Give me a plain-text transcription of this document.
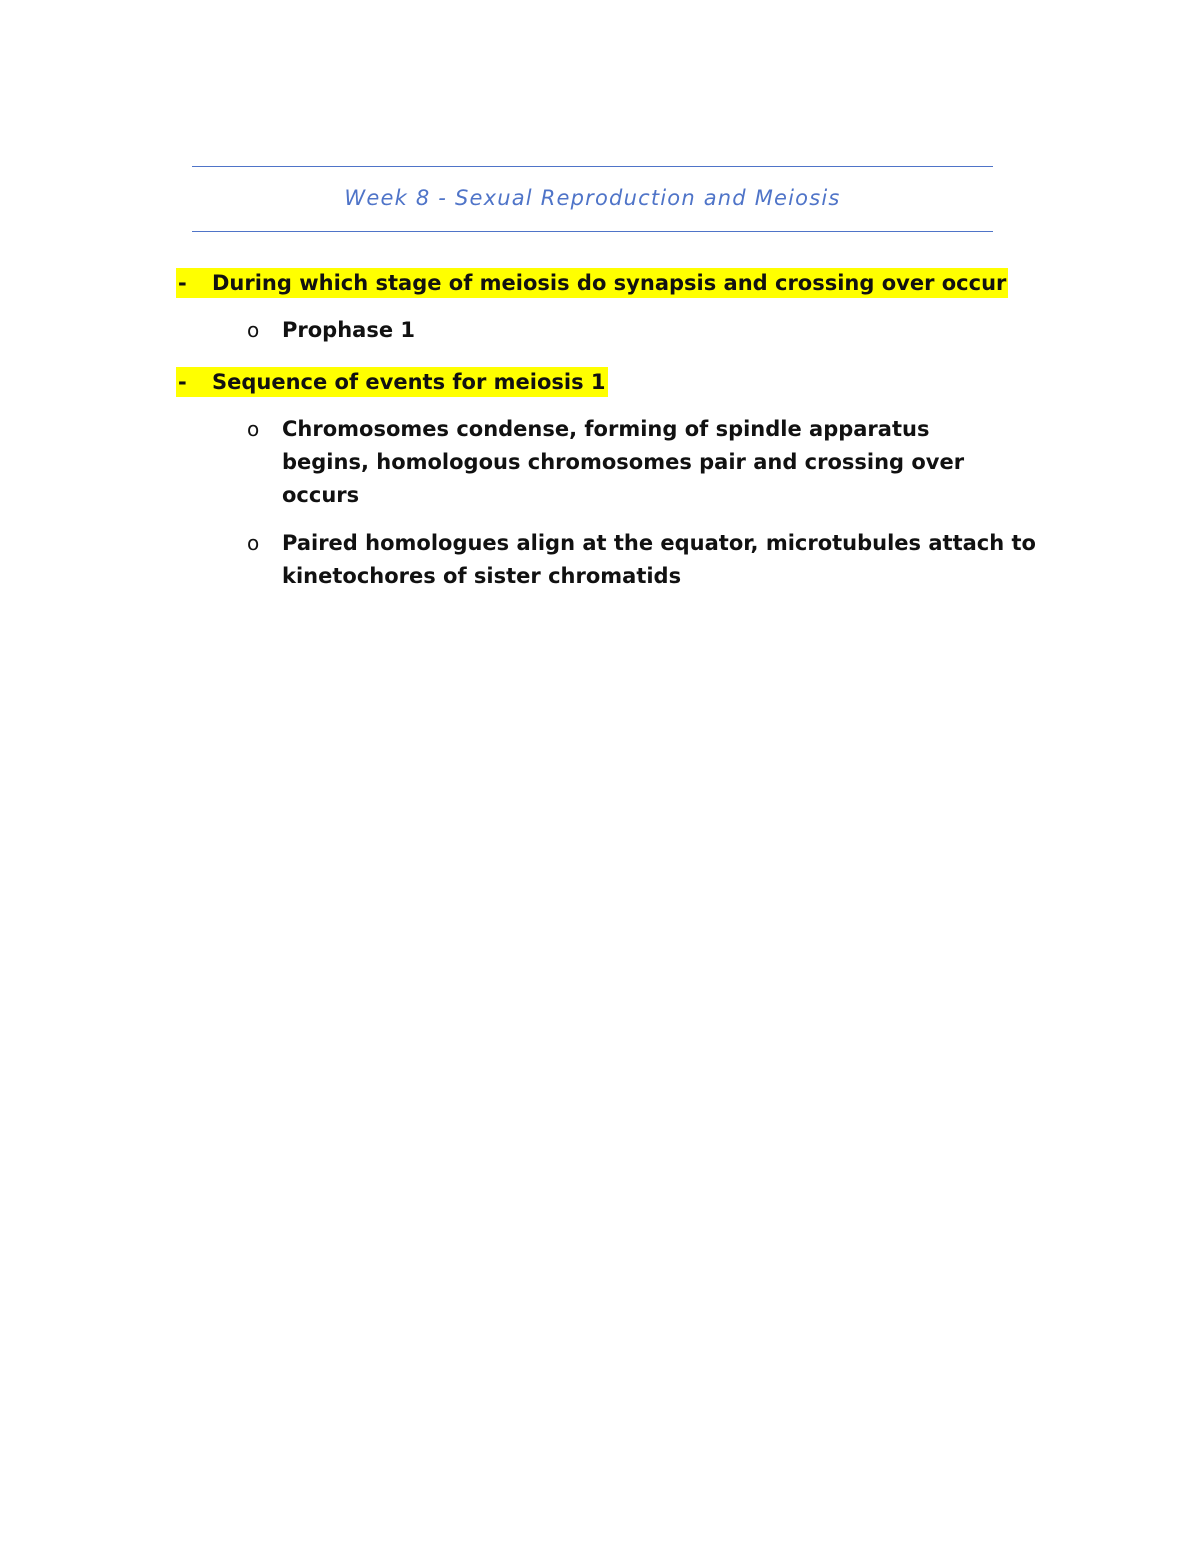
Week 8 - Sexual Reproduction and Meiosis
-	During which stage of meiosis do synapsis and crossing over occur
o	Prophase 1
-	Sequence of events for meiosis 1
o	Chromosomes condense, forming of spindle apparatus begins, homologous chromosomes pair and crossing over occurs
o	Paired homologues align at the equator, microtubules attach to kinetochores of sister chromatids
